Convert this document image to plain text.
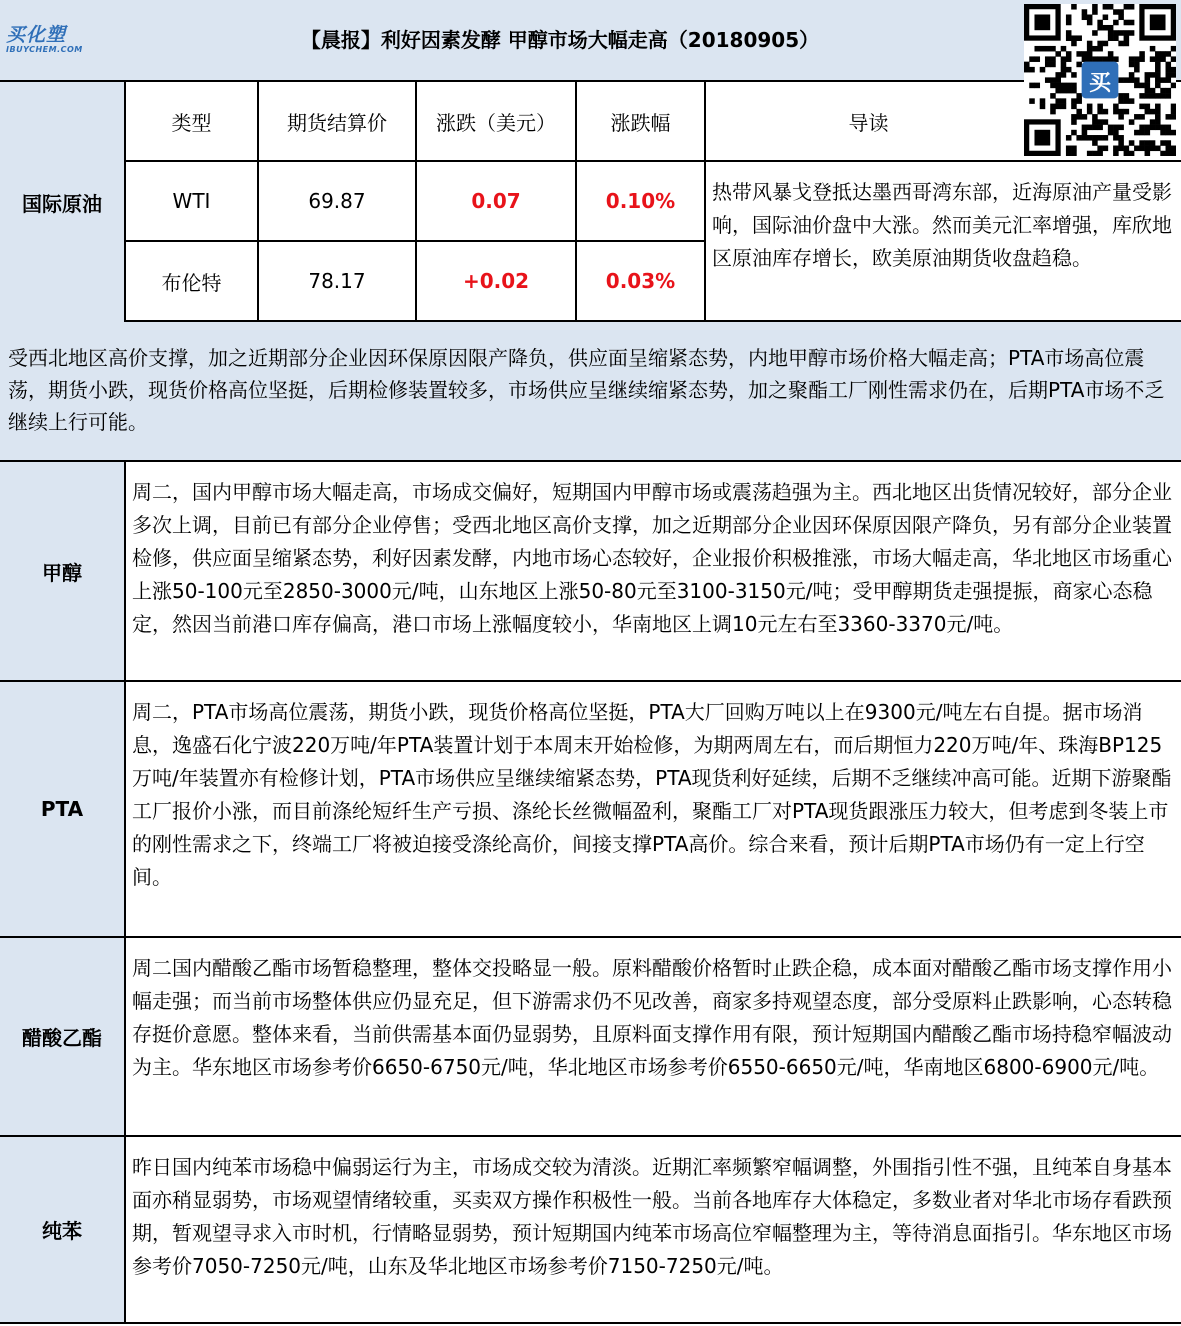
买化塑
IBUYCHEM.COM	【晨报】利好因素发酵 甲醇市场大幅走高（20180905）
买
国际原油
类型	期货结算价	涨跌（美元）	涨跌幅	导读
WTI	69.87	0.07	0.10%
布伦特	78.17	+0.02	0.03%
热带风暴戈登抵达墨西哥湾东部，近海原油产量受影响，国际油价盘中大涨。然而美元汇率增强，库欣地区原油库存增长，欧美原油期货收盘趋稳。
受西北地区高价支撑，加之近期部分企业因环保原因限产降负，供应面呈缩紧态势，内地甲醇市场价格大幅走高；PTA市场高位震荡，期货小跌，现货价格高位坚挺，后期检修装置较多，市场供应呈继续缩紧态势，加之聚酯工厂刚性需求仍在，后期PTA市场不乏继续上行可能。
甲醇
周二，国内甲醇市场大幅走高，市场成交偏好，短期国内甲醇市场或震荡趋强为主。西北地区出货情况较好，部分企业多次上调，目前已有部分企业停售；受西北地区高价支撑，加之近期部分企业因环保原因限产降负，另有部分企业装置检修，供应面呈缩紧态势，利好因素发酵，内地市场心态较好，企业报价积极推涨，市场大幅走高，华北地区市场重心上涨50-100元至2850-3000元/吨，山东地区上涨50-80元至3100-3150元/吨；受甲醇期货走强提振，商家心态稳定，然因当前港口库存偏高，港口市场上涨幅度较小，华南地区上调10元左右至3360-3370元/吨。
PTA
周二，PTA市场高位震荡，期货小跌，现货价格高位坚挺，PTA大厂回购万吨以上在9300元/吨左右自提。据市场消息，逸盛石化宁波220万吨/年PTA装置计划于本周末开始检修，为期两周左右，而后期恒力220万吨/年、珠海BP125万吨/年装置亦有检修计划，PTA市场供应呈继续缩紧态势，PTA现货利好延续，后期不乏继续冲高可能。近期下游聚酯工厂报价小涨，而目前涤纶短纤生产亏损、涤纶长丝微幅盈利，聚酯工厂对PTA现货跟涨压力较大，但考虑到冬装上市的刚性需求之下，终端工厂将被迫接受涤纶高价，间接支撑PTA高价。综合来看，预计后期PTA市场仍有一定上行空间。
醋酸乙酯
周二国内醋酸乙酯市场暂稳整理，整体交投略显一般。原料醋酸价格暂时止跌企稳，成本面对醋酸乙酯市场支撑作用小幅走强；而当前市场整体供应仍显充足，但下游需求仍不见改善，商家多持观望态度，部分受原料止跌影响，心态转稳存挺价意愿。整体来看，当前供需基本面仍显弱势，且原料面支撑作用有限，预计短期国内醋酸乙酯市场持稳窄幅波动为主。华东地区市场参考价6650-6750元/吨，华北地区市场参考价6550-6650元/吨，华南地区6800-6900元/吨。
纯苯
昨日国内纯苯市场稳中偏弱运行为主，市场成交较为清淡。近期汇率频繁窄幅调整，外围指引性不强，且纯苯自身基本面亦稍显弱势，市场观望情绪较重，买卖双方操作积极性一般。当前各地库存大体稳定，多数业者对华北市场存看跌预期，暂观望寻求入市时机，行情略显弱势，预计短期国内纯苯市场高位窄幅整理为主，等待消息面指引。华东地区市场参考价7050-7250元/吨，山东及华北地区市场参考价7150-7250元/吨。
